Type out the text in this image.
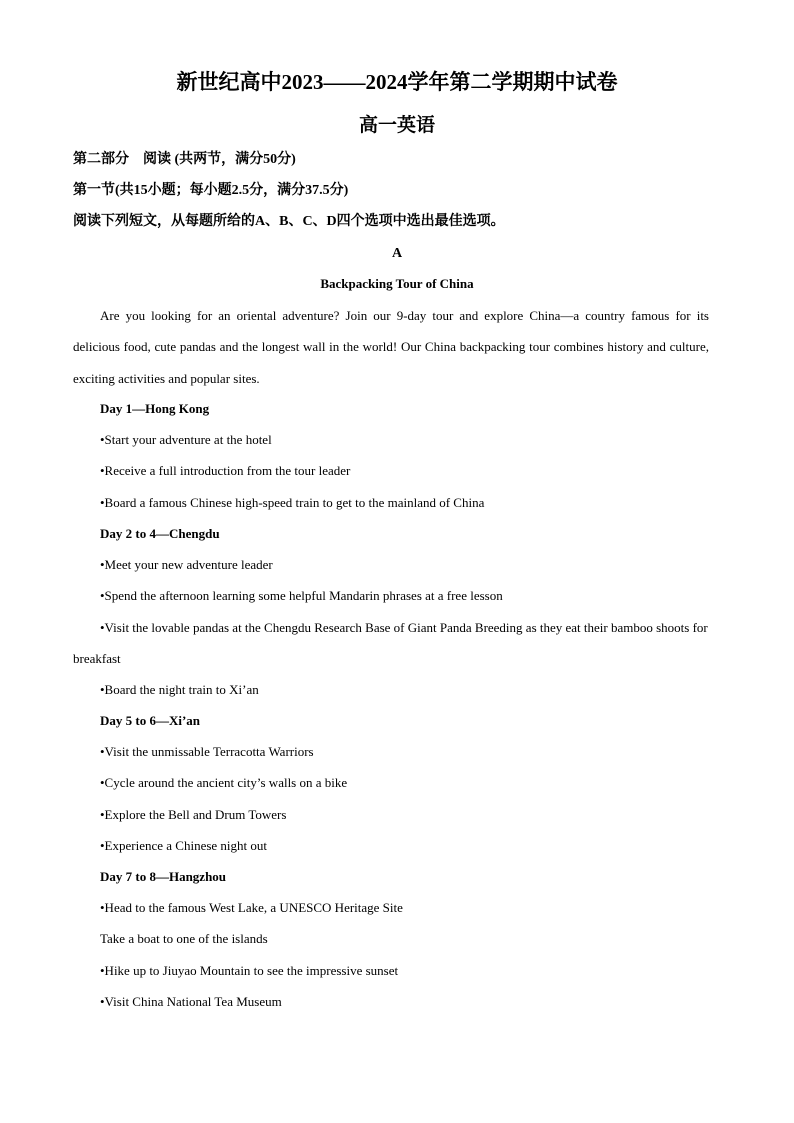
新世纪高中2023——2024学年第二学期期中试卷
高一英语
第二部分　阅读 (共两节，满分50分)
第一节(共15小题；每小题2.5分，满分37.5分)
阅读下列短文，从每题所给的A、B、C、D四个选项中选出最佳选项。
A
Backpacking Tour of China
Are you looking for an oriental adventure? Join our 9-day tour and explore China—a country famous for its delicious food, cute pandas and the longest wall in the world! Our China backpacking tour combines history and culture, exciting activities and popular sites.
Day 1—Hong Kong
•Start your adventure at the hotel
•Receive a full introduction from the tour leader
•Board a famous Chinese high-speed train to get to the mainland of China
Day 2 to 4—Chengdu
•Meet your new adventure leader
•Spend the afternoon learning some helpful Mandarin phrases at a free lesson
•Visit the lovable pandas at the Chengdu Research Base of Giant Panda Breeding as they eat their bamboo shoots for breakfast
•Board the night train to Xi’an
Day 5 to 6—Xi’an
•Visit the unmissable Terracotta Warriors
•Cycle around the ancient city’s walls on a bike
•Explore the Bell and Drum Towers
•Experience a Chinese night out
Day 7 to 8—Hangzhou
•Head to the famous West Lake, a UNESCO Heritage Site
Take a boat to one of the islands
•Hike up to Jiuyao Mountain to see the impressive sunset
•Visit China National Tea Museum
